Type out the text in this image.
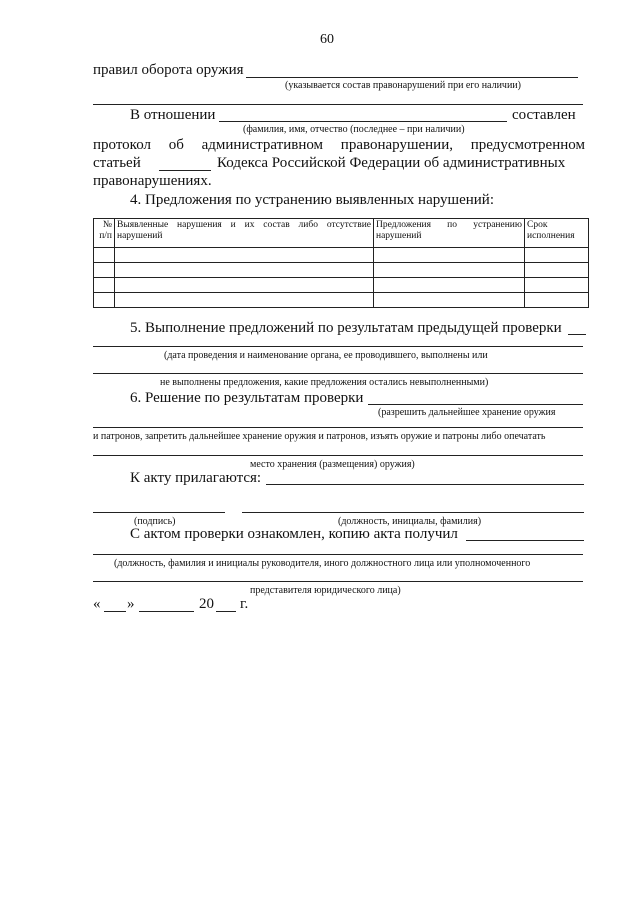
60
правил оборота оружия
(указывается состав правонарушений при его наличии)
В отношении	составлен
(фамилия, имя, отчество (последнее – при наличии)
протокол об административном правонарушении, предусмотренном
статьей	Кодекса Российской Федерации об административных
правонарушениях.
4. Предложения по устранению выявленных нарушений:
№ п/п	Выявленные нарушения и их состав либо отсутствие нарушений	Предложения по устранению нарушений	Срок исполнения

5. Выполнение предложений по результатам предыдущей проверки
(дата проведения и наименование органа, ее проводившего, выполнены или
не выполнены предложения, какие предложения остались невыполненными)
6. Решение по результатам проверки
(разрешить дальнейшее хранение оружия
и патронов, запретить дальнейшее хранение оружия и патронов, изъять оружие и патроны либо опечатать
место хранения (размещения) оружия)
К акту прилагаются:
(подпись)	(должность, инициалы, фамилия)
С актом проверки ознакомлен, копию акта получил
(должность, фамилия и инициалы руководителя, иного должностного лица или уполномоченного
представителя юридического лица)
« »	20 г.
